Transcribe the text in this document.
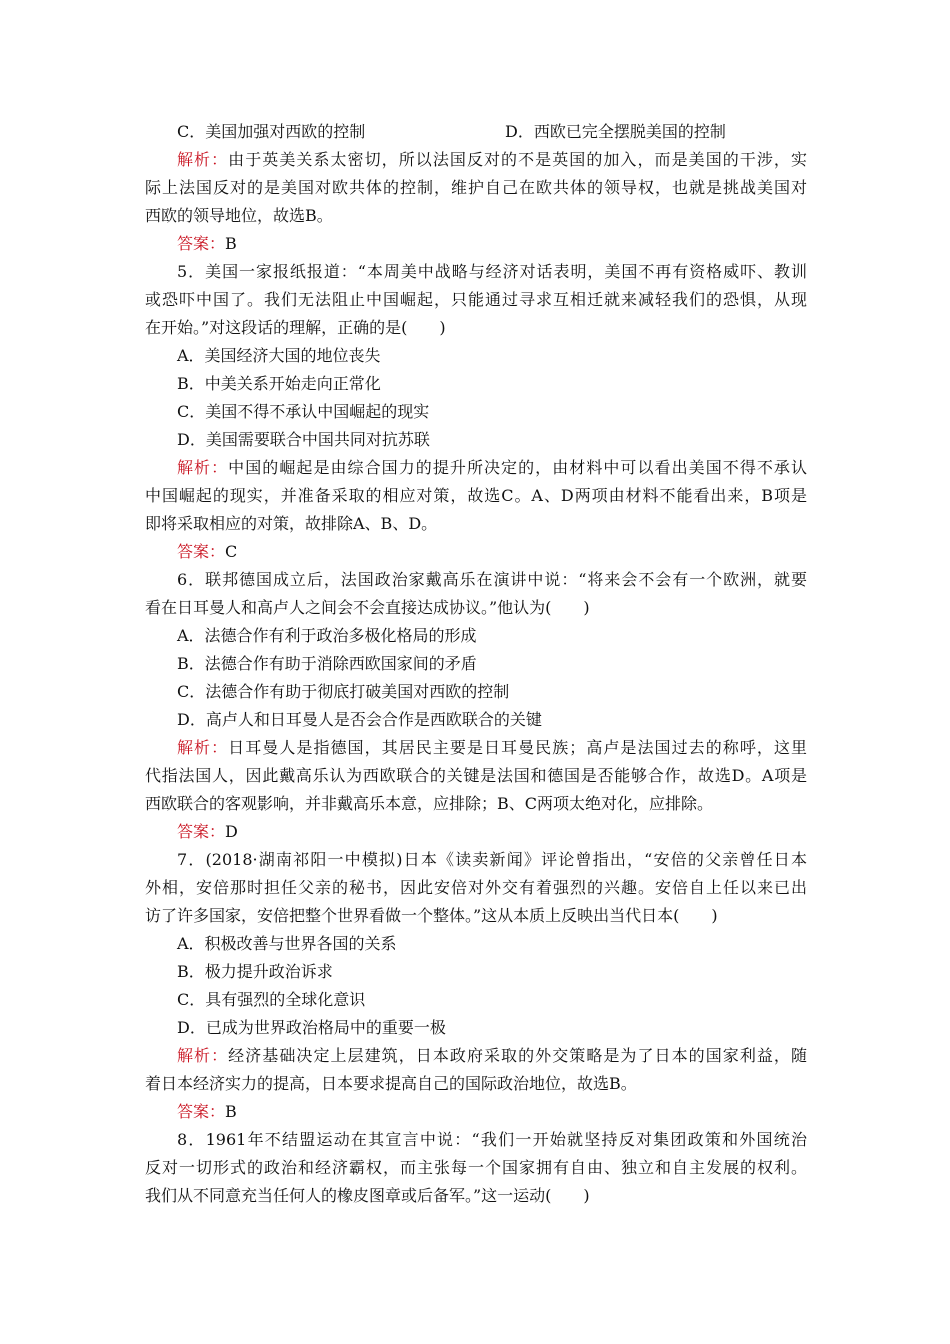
C．美国加强对西欧的控制	D．西欧已完全摆脱美国的控制
解析：由于英美关系太密切，所以法国反对的不是英国的加入，而是美国的干涉，实
际上法国反对的是美国对欧共体的控制，维护自己在欧共体的领导权，也就是挑战美国对
西欧的领导地位，故选B。
答案：B
5．美国一家报纸报道：“本周美中战略与经济对话表明，美国不再有资格威吓、教训
或恐吓中国了。我们无法阻止中国崛起，只能通过寻求互相迁就来减轻我们的恐惧，从现
在开始。”对这段话的理解，正确的是(　　)
A．美国经济大国的地位丧失
B．中美关系开始走向正常化
C．美国不得不承认中国崛起的现实
D．美国需要联合中国共同对抗苏联
解析：中国的崛起是由综合国力的提升所决定的，由材料中可以看出美国不得不承认
中国崛起的现实，并准备采取的相应对策，故选C。A、D两项由材料不能看出来，B项是
即将采取相应的对策，故排除A、B、D。
答案：C
6．联邦德国成立后，法国政治家戴高乐在演讲中说：“将来会不会有一个欧洲，就要
看在日耳曼人和高卢人之间会不会直接达成协议。”他认为(　　)
A．法德合作有利于政治多极化格局的形成
B．法德合作有助于消除西欧国家间的矛盾
C．法德合作有助于彻底打破美国对西欧的控制
D．高卢人和日耳曼人是否会合作是西欧联合的关键
解析：日耳曼人是指德国，其居民主要是日耳曼民族；高卢是法国过去的称呼，这里
代指法国人，因此戴高乐认为西欧联合的关键是法国和德国是否能够合作，故选D。A项是
西欧联合的客观影响，并非戴高乐本意，应排除；B、C两项太绝对化，应排除。
答案：D
7．(2018·湖南祁阳一中模拟)日本《读卖新闻》评论曾指出，“安倍的父亲曾任日本
外相，安倍那时担任父亲的秘书，因此安倍对外交有着强烈的兴趣。安倍自上任以来已出
访了许多国家，安倍把整个世界看做一个整体。”这从本质上反映出当代日本(　　)
A．积极改善与世界各国的关系
B．极力提升政治诉求
C．具有强烈的全球化意识
D．已成为世界政治格局中的重要一极
解析：经济基础决定上层建筑，日本政府采取的外交策略是为了日本的国家利益，随
着日本经济实力的提高，日本要求提高自己的国际政治地位，故选B。
答案：B
8．1961年不结盟运动在其宣言中说：“我们一开始就坚持反对集团政策和外国统治
反对一切形式的政治和经济霸权，而主张每一个国家拥有自由、独立和自主发展的权利。
我们从不同意充当任何人的橡皮图章或后备军。”这一运动(　　)
